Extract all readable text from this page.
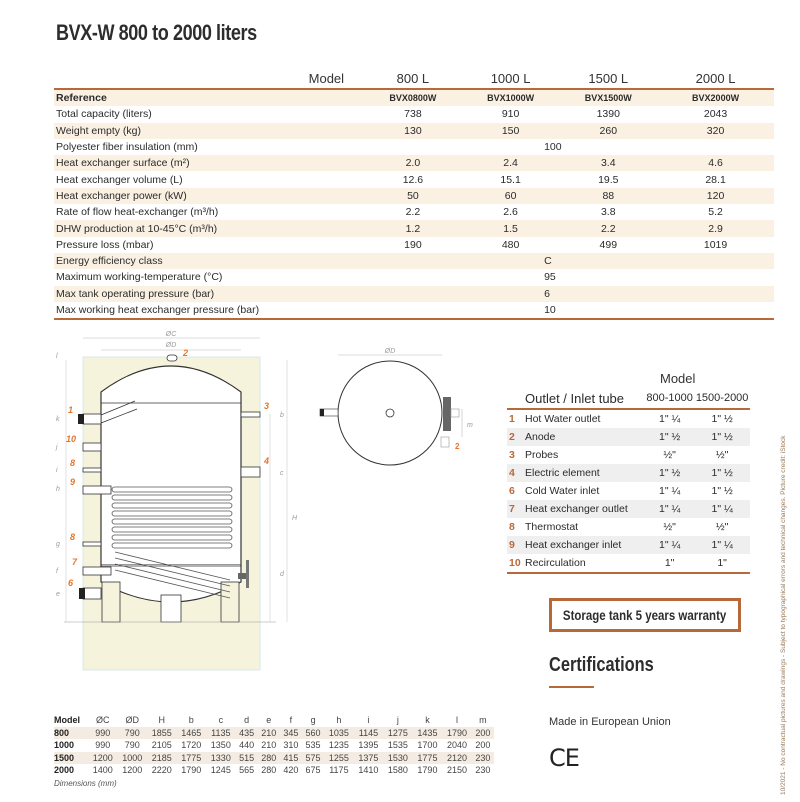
BVX-W 800 to 2000 liters
Model	800 L	1000 L	1500 L	2000 L
Reference	BVX0800W	BVX1000W	BVX1500W	BVX2000W
Total capacity (liters)	738	910	1390	2043
Weight empty (kg)	130	150	260	320
Polyester fiber insulation (mm)	100			
Heat exchanger surface (m²)	2.0	2.4	3.4	4.6
Heat exchanger volume (L)	12.6	15.1	19.5	28.1
Heat exchanger power (kW)	50	60	88	120
Rate of flow heat-exchanger (m³/h)	2.2	2.6	3.8	5.2
DHW production at 10-45°C (m³/h)	1.2	1.5	2.2	2.9
Pressure loss (mbar)	190	480	499	1019
Energy efficiency class	C			
Maximum working-temperature (°C)	95			
Max tank operating pressure (bar)	6			
Max working heat exchanger pressure (bar)	10			
ØC
ØD
l
k
j
i
h
g
f
e
b
c
d
H
2
1	3
4
10
8
9
8
7
6
ØD
m
2
Model
	Outlet / Inlet tube	800-1000	1500-2000
1	Hot Water outlet	1" ¼	1" ½
2	Anode	1" ½	1" ½
3	Probes	½"	½"
4	Electric element	1" ½	1" ½
6	Cold Water inlet	1" ¼	1" ½
7	Heat exchanger outlet	1" ¼	1" ¼
8	Thermostat	½"	½"
9	Heat exchanger inlet	1" ¼	1" ¼
10	Recirculation	1"	1"
Storage tank 5 years warranty
Certifications
Made in European Union
CE	10/2021 - No contractual pictures and drawings - Subject to typographical errors and technical changes. Picture credit: iStock
Model	ØC	ØD	H	b	c	d	e	f	g	h	i	j	k	l	m
800	990	790	1855	1465	1135	435	210	345	560	1035	1145	1275	1435	1790	200
1000	990	790	2105	1720	1350	440	210	310	535	1235	1395	1535	1700	2040	200
1500	1200	1000	2185	1775	1330	515	280	415	575	1255	1375	1530	1775	2120	230
2000	1400	1200	2220	1790	1245	565	280	420	675	1175	1410	1580	1790	2150	230
Dimensions (mm)
